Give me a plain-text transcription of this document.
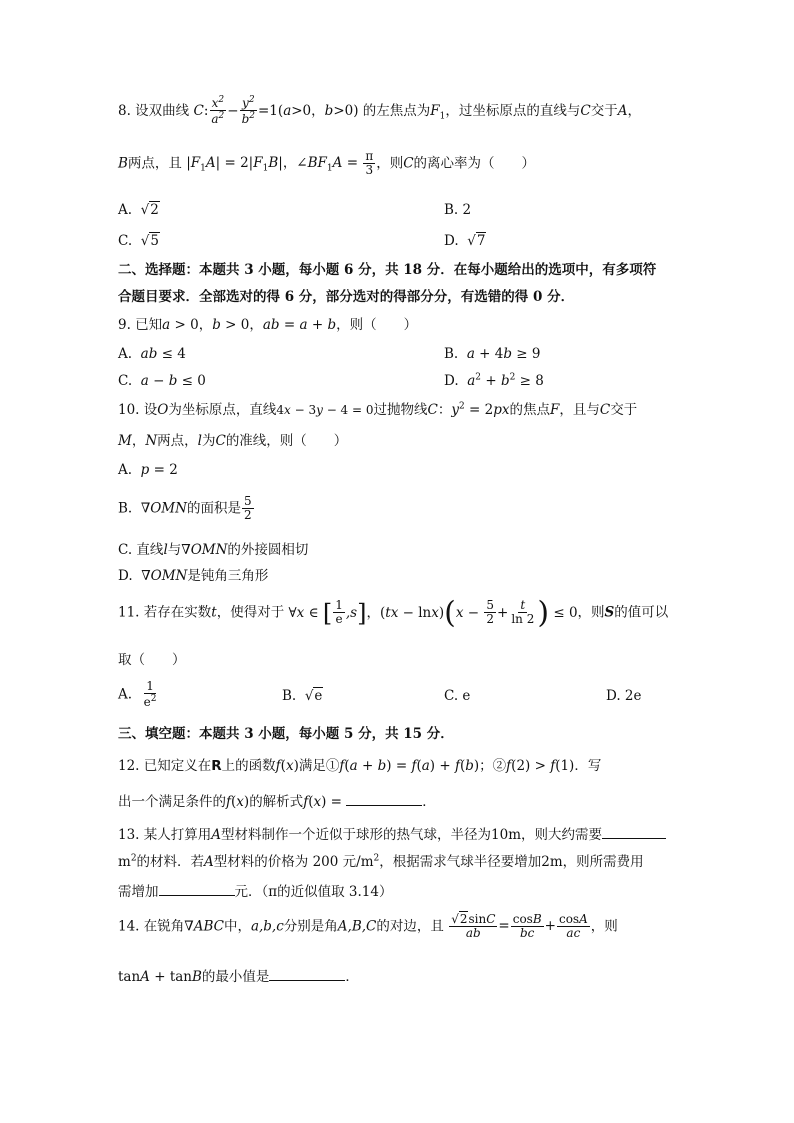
8. 设双曲线 C: $\frac{x^2}{a^2} - \frac{y^2}{b^2} =1(a>0$，b>0) 的左焦点为$F_1$，过坐标原点的直线与C交于A，
B两点，且 $|F_1A| = 2|F_1B|$，$\angle BF_1A = \frac{\pi}{3}$ ，则C的离心率为（　　）
A. √2	B. 2
C. √5	D. √7
二、选择题：本题共 3 小题，每小题 6 分，共 18 分．在每小题给出的选项中，有多项符
合题目要求．全部选对的得 6 分，部分选对的得部分分，有选错的得 0 分．
9. 已知a > 0，b > 0，ab = a + b，则（　　）
A. ab ≤ 4	B. a + 4b ≥ 9
C. a − b ≤ 0	D. $a^2 + b^2 \ge 8$
10. 设O为坐标原点，直线4x − 3y − 4 = 0过抛物线C：$y^2 = 2px$的焦点F，且与C交于
M，N两点，l为C的准线，则（　　）
A. p = 2
B. ∇OMN的面积是 $\frac{5}{2}$
C. 直线l与∇OMN的外接圆相切
D. ∇OMN是钝角三角形
11. 若存在实数t，使得对于 ∀x ∈ [ $\frac{1}{e} ,s$]，$(tx - \ln x)(x - \frac{5}{2} + \frac{t}{\ln 2}$ ) ≤ 0，则S的值可以
取（　　）
A. $\frac{1}{e^2}$	B. √e	C. e	D. 2e
三、填空题：本题共 3 小题，每小题 5 分，共 15 分．
12. 已知定义在R上的函数f(x)满足①f(a + b) = f(a) + f(b)；②f(2) > f(1)．写
出一个满足条件的f(x)的解析式f(x) =	．
13. 某人打算用A型材料制作一个近似于球形的热气球，半径为10m，则大约需要
$m^2$的材料．若A型材料的价格为 200 元$/m^2$，根据需求气球半径要增加2m，则所需费用
需增加	元．（π的近似值取 3.14）
14. 在锐角∇ABC中，a,b,c分别是角A,B,C的对边，且 $\frac{√2\sin C}{ab} = \frac{\cos B}{bc} + \frac{\cos A}{ac}$ ，则
tanA + tanB的最小值是	．
